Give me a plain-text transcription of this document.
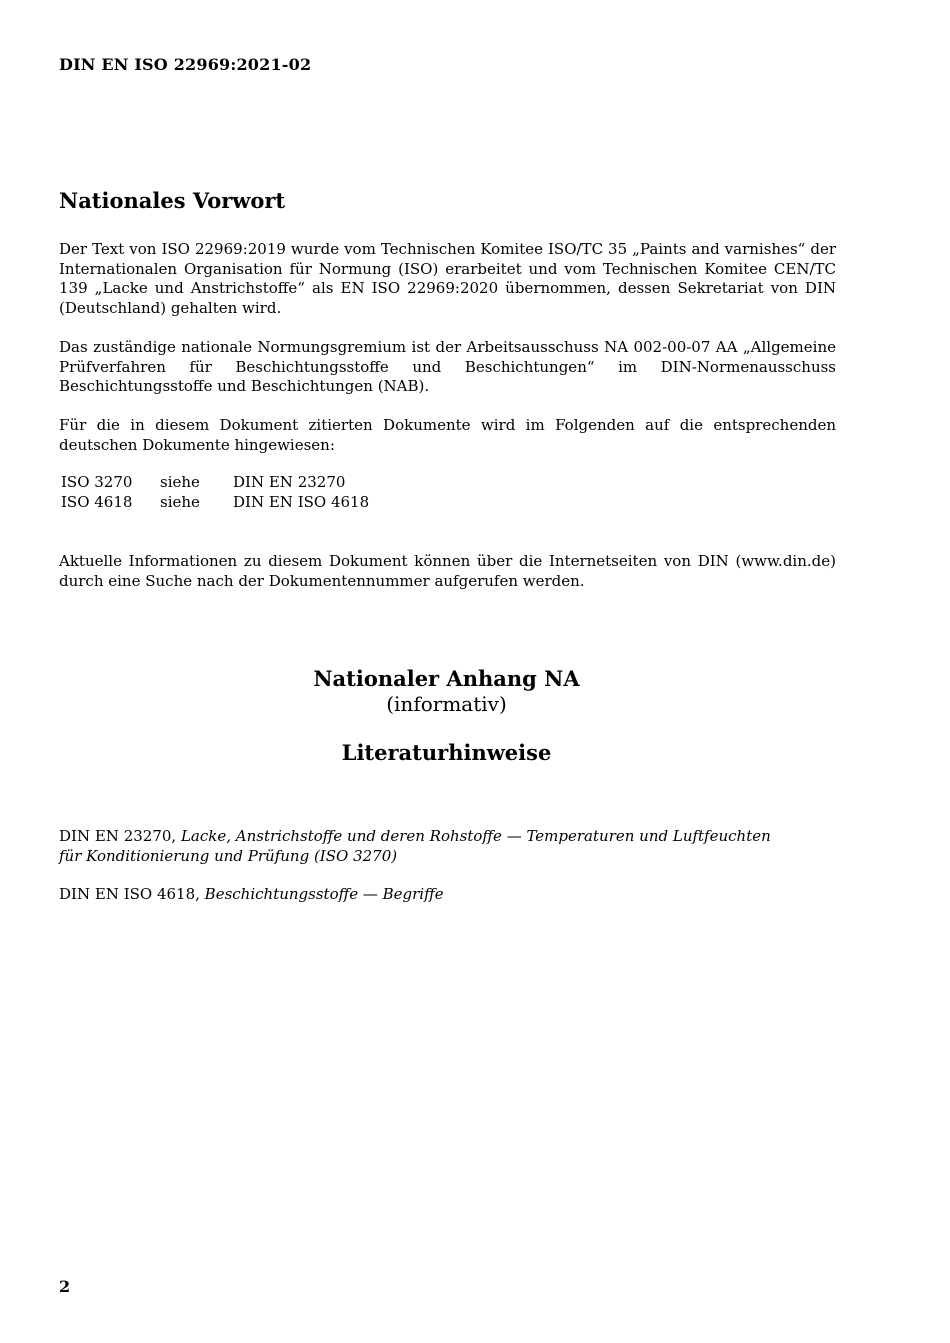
DIN EN ISO 22969:2021-02
Nationales Vorwort

Der Text von ISO 22969:2019 wurde vom Technischen Komitee ISO/TC 35 „Paints and varnishes“ der Internationalen Organisation für Normung (ISO) erarbeitet und vom Technischen Komitee CEN/TC 139 „Lacke und Anstrichstoffe“ als EN ISO 22969:2020 übernommen, dessen Sekretariat von DIN (Deutschland) gehalten wird.

Das zuständige nationale Normungsgremium ist der Arbeitsausschuss NA 002-00-07 AA „Allgemeine Prüfverfahren für Beschichtungsstoffe und Beschichtungen“ im DIN-Normenausschuss Beschichtungsstoffe und Beschichtungen (NAB).

Für die in diesem Dokument zitierten Dokumente wird im Folgenden auf die entsprechenden deutschen Dokumente hingewiesen:

ISO 3270	siehe	DIN EN 23270
ISO 4618	siehe	DIN EN ISO 4618

Aktuelle Informationen zu diesem Dokument können über die Internetseiten von DIN (www.din.de) durch eine Suche nach der Dokumentennummer aufgerufen werden.

Nationaler Anhang NA
(informativ)
Literaturhinweise

DIN EN 23270, Lacke, Anstrichstoffe und deren Rohstoffe — Temperaturen und Luftfeuchten für Konditionierung und Prüfung (ISO 3270)

DIN EN ISO 4618, Beschichtungsstoffe — Begriffe

2
